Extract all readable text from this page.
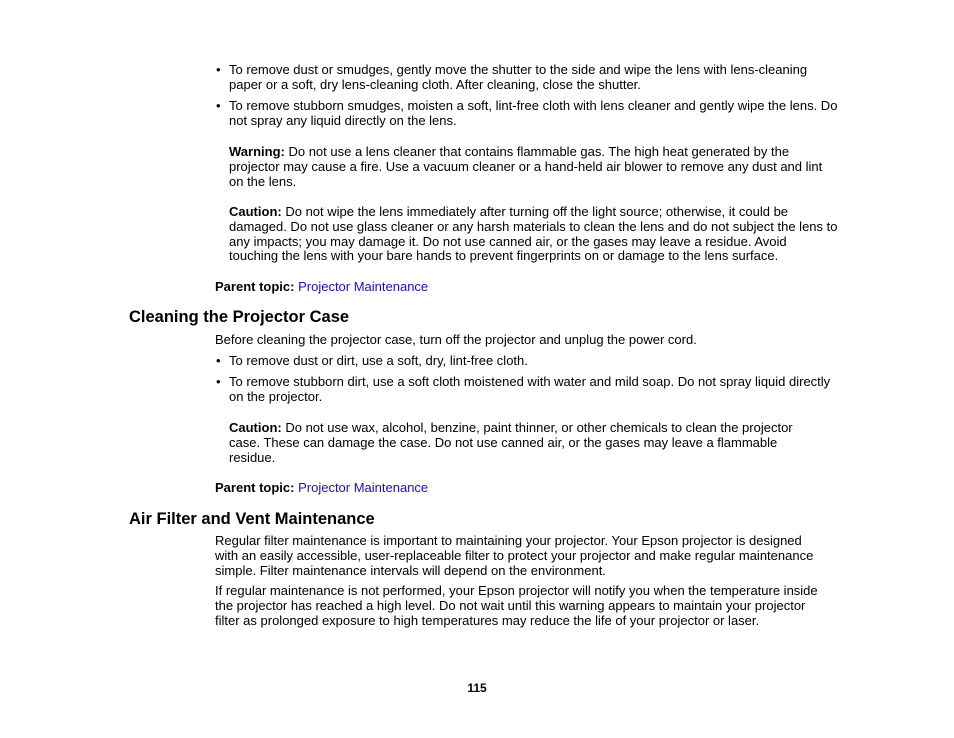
• To remove dust or smudges, gently move the shutter to the side and wipe the lens with lens-cleaning paper or a soft, dry lens-cleaning cloth. After cleaning, close the shutter.
• To remove stubborn smudges, moisten a soft, lint-free cloth with lens cleaner and gently wipe the lens. Do not spray any liquid directly on the lens.
Warning: Do not use a lens cleaner that contains flammable gas. The high heat generated by the projector may cause a fire. Use a vacuum cleaner or a hand-held air blower to remove any dust and lint on the lens.
Caution: Do not wipe the lens immediately after turning off the light source; otherwise, it could be damaged. Do not use glass cleaner or any harsh materials to clean the lens and do not subject the lens to any impacts; you may damage it. Do not use canned air, or the gases may leave a residue. Avoid touching the lens with your bare hands to prevent fingerprints on or damage to the lens surface.
Parent topic: Projector Maintenance
Cleaning the Projector Case
Before cleaning the projector case, turn off the projector and unplug the power cord.
• To remove dust or dirt, use a soft, dry, lint-free cloth.
• To remove stubborn dirt, use a soft cloth moistened with water and mild soap. Do not spray liquid directly on the projector.
Caution: Do not use wax, alcohol, benzine, paint thinner, or other chemicals to clean the projector case. These can damage the case. Do not use canned air, or the gases may leave a flammable residue.
Parent topic: Projector Maintenance
Air Filter and Vent Maintenance
Regular filter maintenance is important to maintaining your projector. Your Epson projector is designed with an easily accessible, user-replaceable filter to protect your projector and make regular maintenance simple. Filter maintenance intervals will depend on the environment.
If regular maintenance is not performed, your Epson projector will notify you when the temperature inside the projector has reached a high level. Do not wait until this warning appears to maintain your projector filter as prolonged exposure to high temperatures may reduce the life of your projector or laser.
115
